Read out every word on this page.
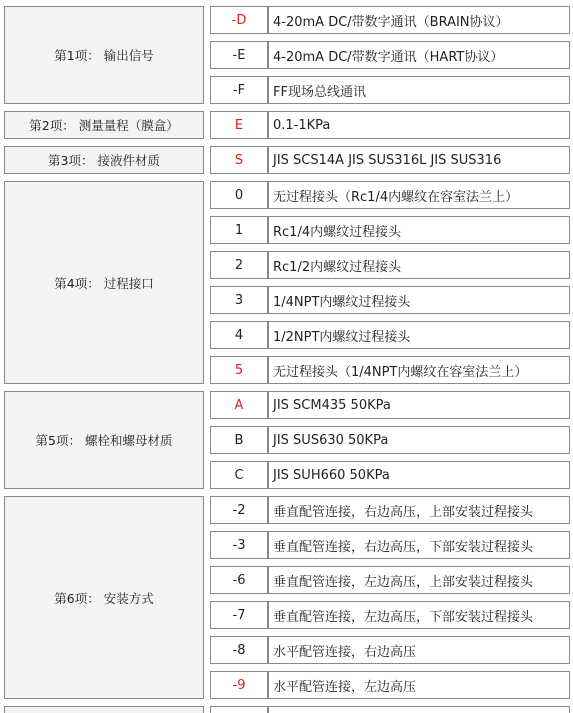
第1项： 输出信号		-D	4-20mA DC/带数字通讯（BRAIN协议）

		-E	4-20mA DC/带数字通讯（HART协议）

		-F	FF现场总线通讯

第2项： 测量量程（膜盒）		E	0.1-1KPa

第3项： 接液件材质		S	JIS SCS14A JIS SUS316L JIS SUS316

第4项： 过程接口		0	无过程接头（Rc1/4内螺纹在容室法兰上）

		1	Rc1/4内螺纹过程接头

		2	Rc1/2内螺纹过程接头

		3	1/4NPT内螺纹过程接头

		4	1/2NPT内螺纹过程接头

		5	无过程接头（1/4NPT内螺纹在容室法兰上）

第5项： 螺栓和螺母材质		A	JIS SCM435 50KPa

		B	JIS SUS630 50KPa

		C	JIS SUH660 50KPa

第6项： 安装方式		-2	垂直配管连接，右边高压，上部安装过程接头

		-3	垂直配管连接，右边高压，下部安装过程接头

		-6	垂直配管连接，左边高压，上部安装过程接头

		-7	垂直配管连接，左边高压，下部安装过程接头

		-8	水平配管连接，右边高压

		-9	水平配管连接，左边高压
